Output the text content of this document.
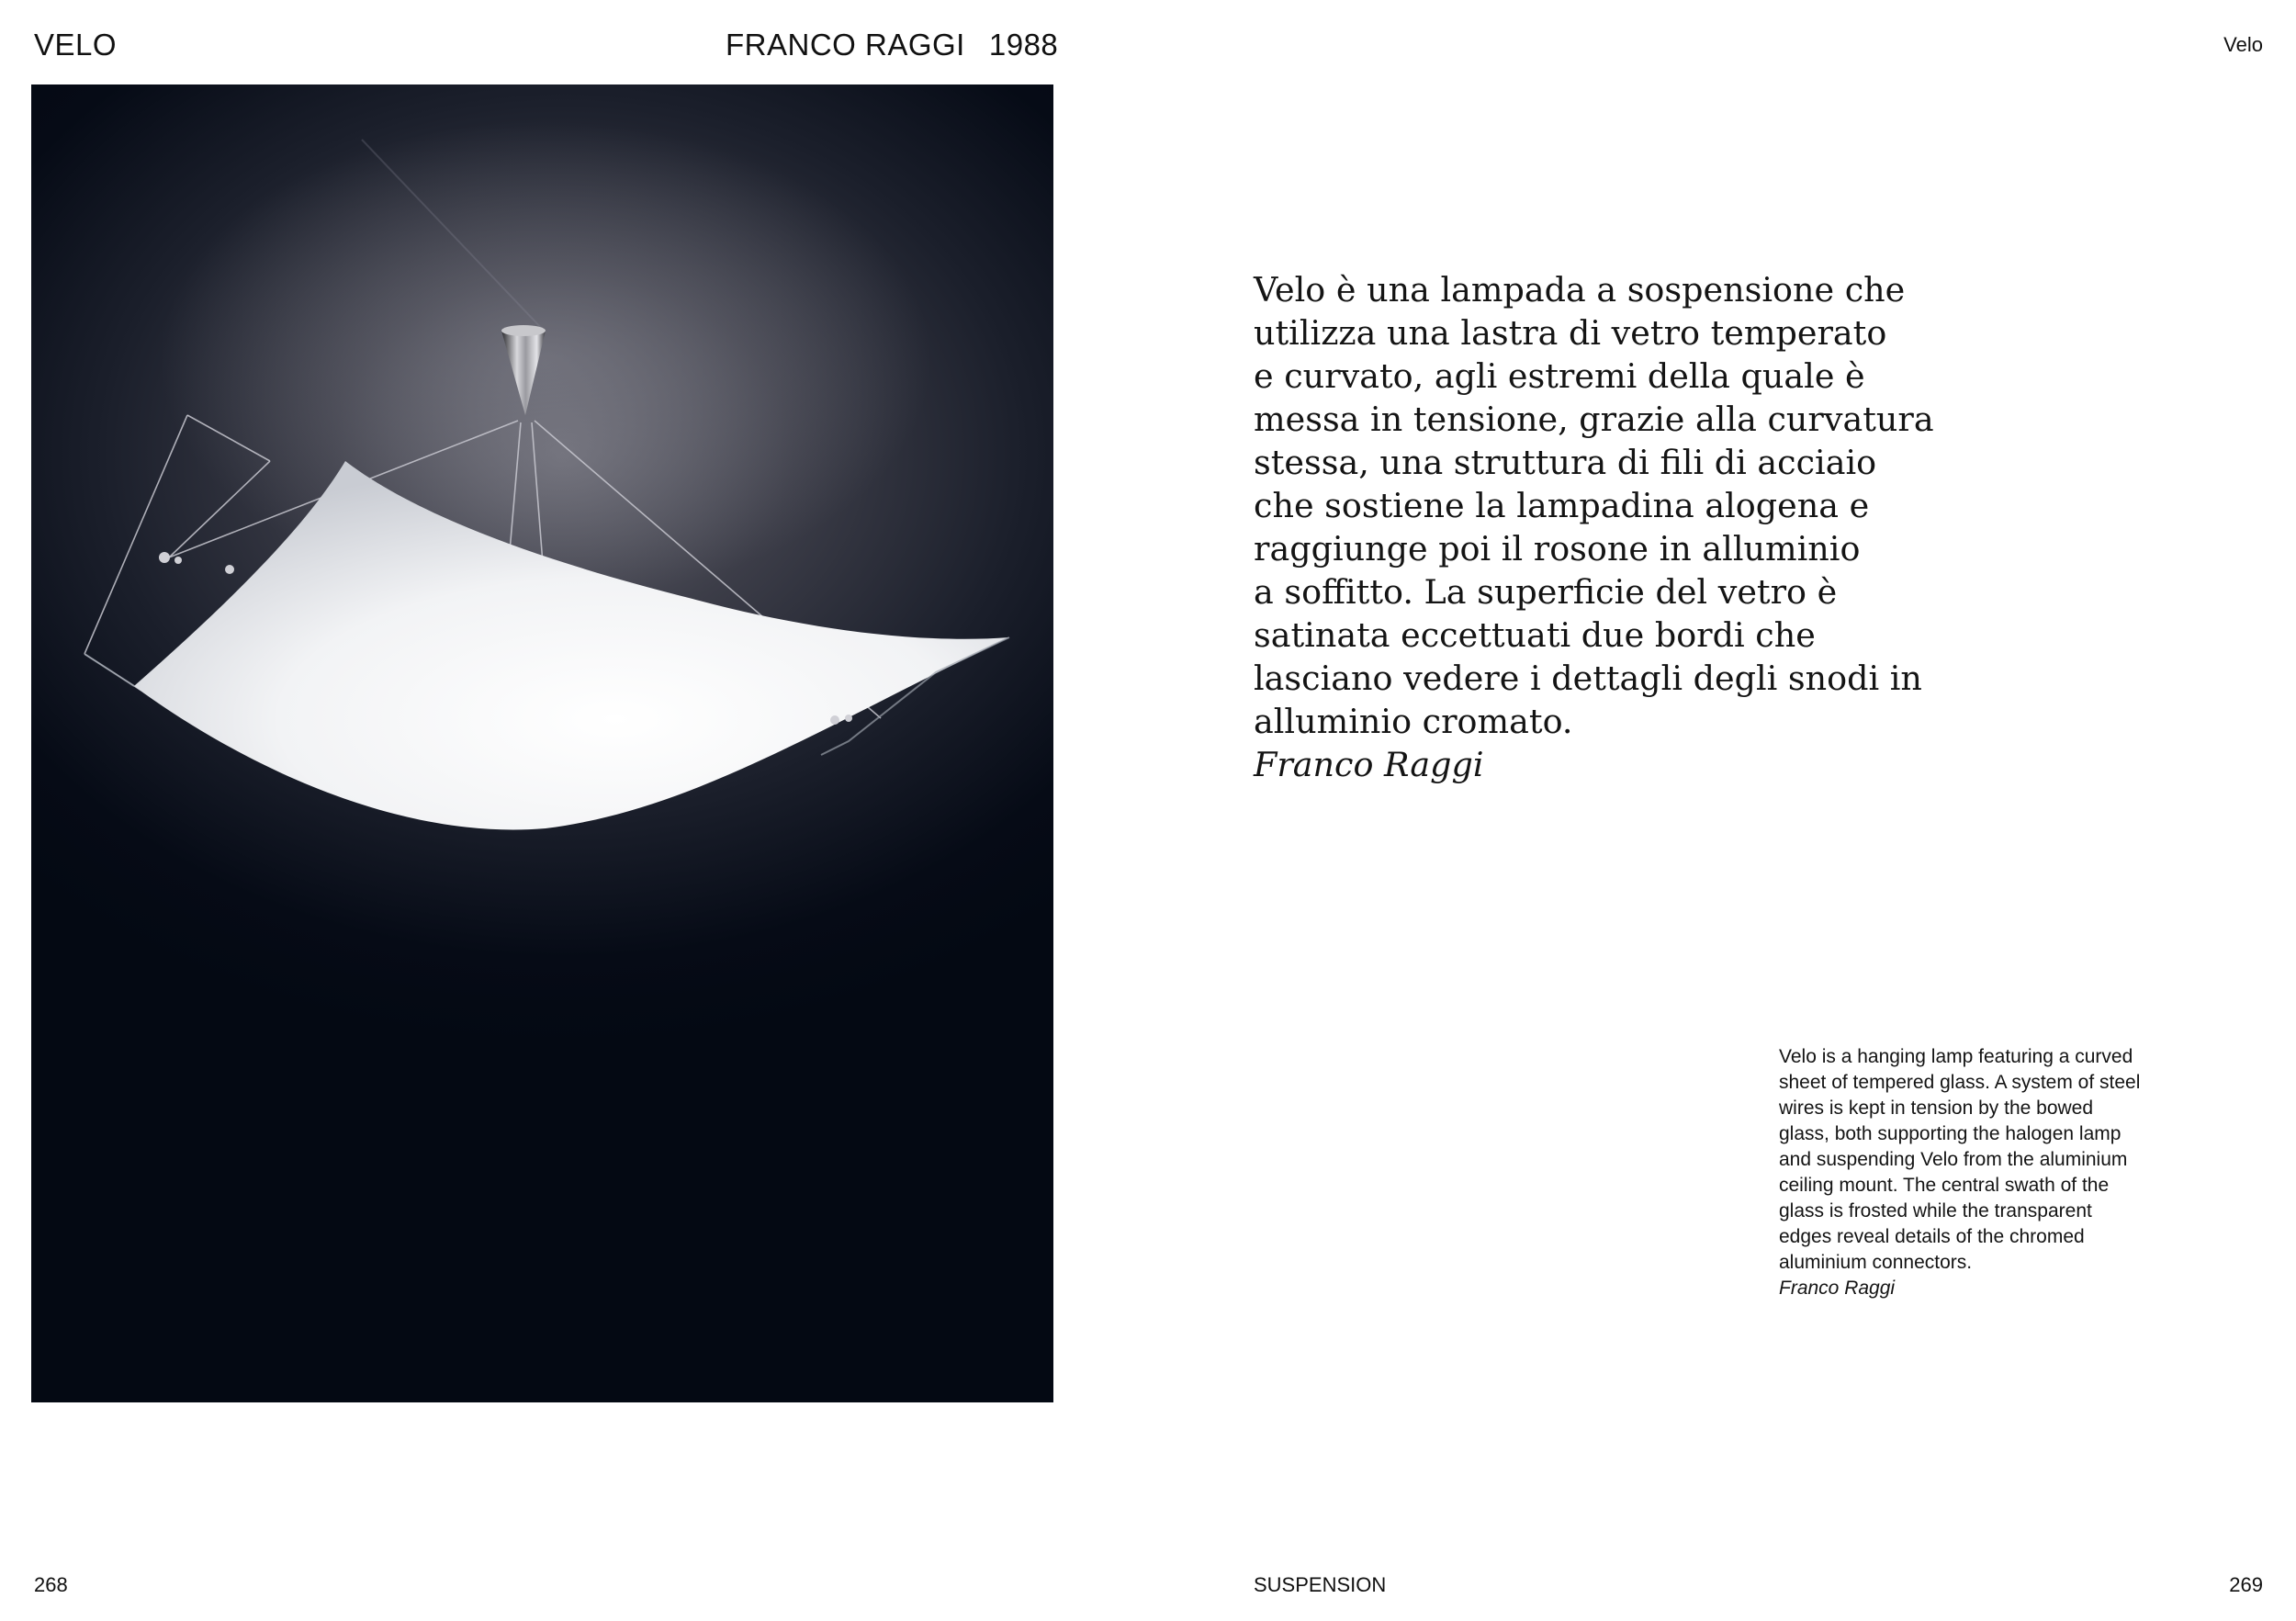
VELO	FRANCO RAGGI 1988	Velo
Velo è una lampada a sospensione che
utilizza una lastra di vetro temperato
e curvato, agli estremi della quale è
messa in tensione, grazie alla curvatura
stessa, una struttura di fili di acciaio
che sostiene la lampadina alogena e
raggiunge poi il rosone in alluminio
a soffitto. La superficie del vetro è
satinata eccettuati due bordi che
lasciano vedere i dettagli degli snodi in
alluminio cromato.
Franco Raggi
Velo is a hanging lamp featuring a curved
sheet of tempered glass. A system of steel
wires is kept in tension by the bowed
glass, both supporting the halogen lamp
and suspending Velo from the aluminium
ceiling mount. The central swath of the
glass is frosted while the transparent
edges reveal details of the chromed
aluminium connectors.
Franco Raggi
268	SUSPENSION	269
